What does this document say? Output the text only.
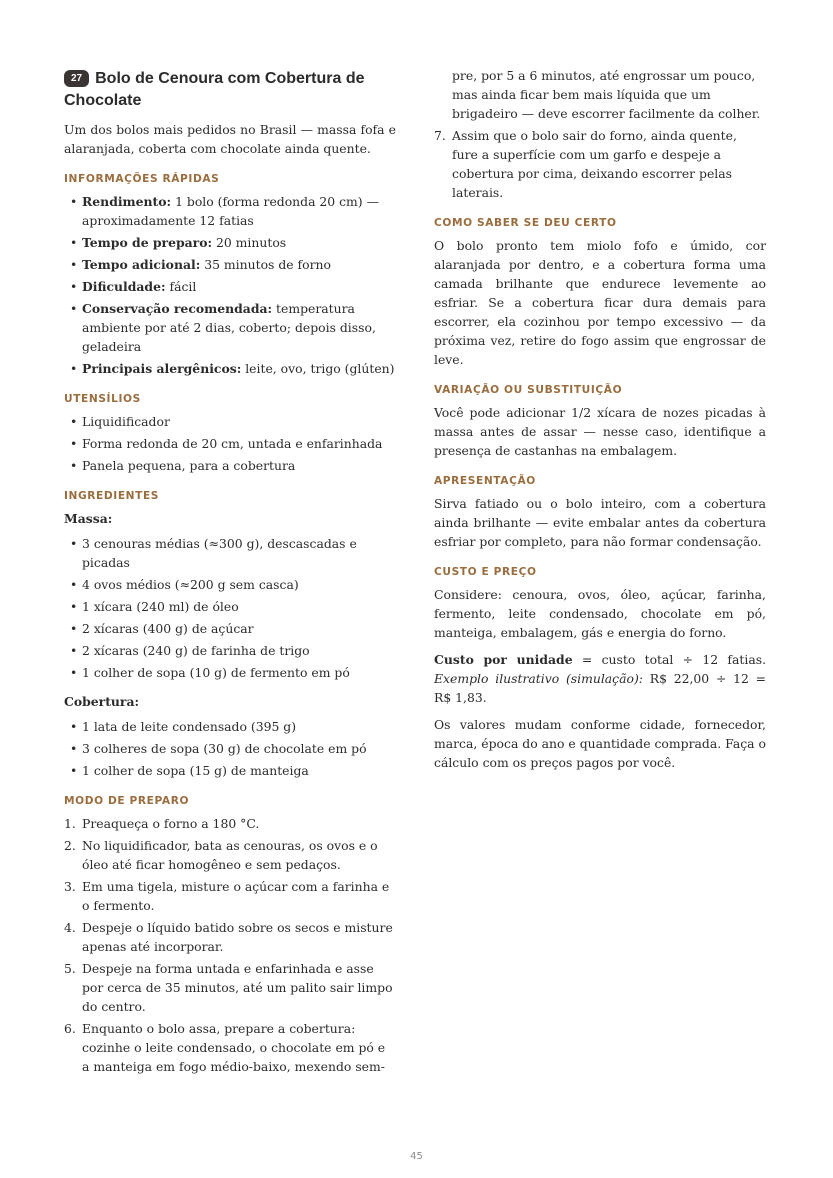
27 Bolo de Cenoura com Cobertura de Chocolate

Um dos bolos mais pedidos no Brasil — massa fofa e alaranjada, coberta com chocolate ainda quente.

INFORMAÇÕES RÁPIDAS
• Rendimento: 1 bolo (forma redonda 20 cm) — aproximadamente 12 fatias
• Tempo de preparo: 20 minutos
• Tempo adicional: 35 minutos de forno
• Dificuldade: fácil
• Conservação recomendada: temperatura ambiente por até 2 dias, coberto; depois disso, geladeira
• Principais alergênicos: leite, ovo, trigo (glúten)
UTENSÍLIOS
• Liquidificador
• Forma redonda de 20 cm, untada e enfarinhada
• Panela pequena, para a cobertura
INGREDIENTES
Massa:
• 3 cenouras médias (≈300 g), descascadas e picadas
• 4 ovos médios (≈200 g sem casca)
• 1 xícara (240 ml) de óleo
• 2 xícaras (400 g) de açúcar
• 2 xícaras (240 g) de farinha de trigo
• 1 colher de sopa (10 g) de fermento em pó
Cobertura:
• 1 lata de leite condensado (395 g)
• 3 colheres de sopa (30 g) de chocolate em pó
• 1 colher de sopa (15 g) de manteiga
MODO DE PREPARO
1. Preaqueça o forno a 180 °C.
2. No liquidificador, bata as cenouras, os ovos e o óleo até ficar homogêneo e sem pedaços.
3. Em uma tigela, misture o açúcar com a farinha e o fermento.
4. Despeje o líquido batido sobre os secos e misture apenas até incorporar.
5. Despeje na forma untada e enfarinhada e asse por cerca de 35 minutos, até um palito sair limpo do centro.
6. Enquanto o bolo assa, prepare a cobertura: cozinhe o leite condensado, o chocolate em pó e a manteiga em fogo médio-baixo, mexendo sem-
pre, por 5 a 6 minutos, até engrossar um pouco, mas ainda ficar bem mais líquida que um brigadeiro — deve escorrer facilmente da colher.
7. Assim que o bolo sair do forno, ainda quente, fure a superfície com um garfo e despeje a cobertura por cima, deixando escorrer pelas laterais.
COMO SABER SE DEU CERTO

O bolo pronto tem miolo fofo e úmido, cor alaranjada por dentro, e a cobertura forma uma camada brilhante que endurece levemente ao esfriar. Se a cobertura ficar dura demais para escorrer, ela cozinhou por tempo excessivo — da próxima vez, retire do fogo assim que engrossar de leve.

VARIAÇÃO OU SUBSTITUIÇÃO

Você pode adicionar 1/2 xícara de nozes picadas à massa antes de assar — nesse caso, identifique a presença de castanhas na embalagem.

APRESENTAÇÃO

Sirva fatiado ou o bolo inteiro, com a cobertura ainda brilhante — evite embalar antes da cobertura esfriar por completo, para não formar condensação.

CUSTO E PREÇO

Considere: cenoura, ovos, óleo, açúcar, farinha, fermento, leite condensado, chocolate em pó, manteiga, embalagem, gás e energia do forno.

Custo por unidade = custo total ÷ 12 fatias. Exemplo ilustrativo (simulação): R$ 22,00 ÷ 12 = R$ 1,83.

Os valores mudam conforme cidade, fornecedor, marca, época do ano e quantidade comprada. Faça o cálculo com os preços pagos por você.

45
